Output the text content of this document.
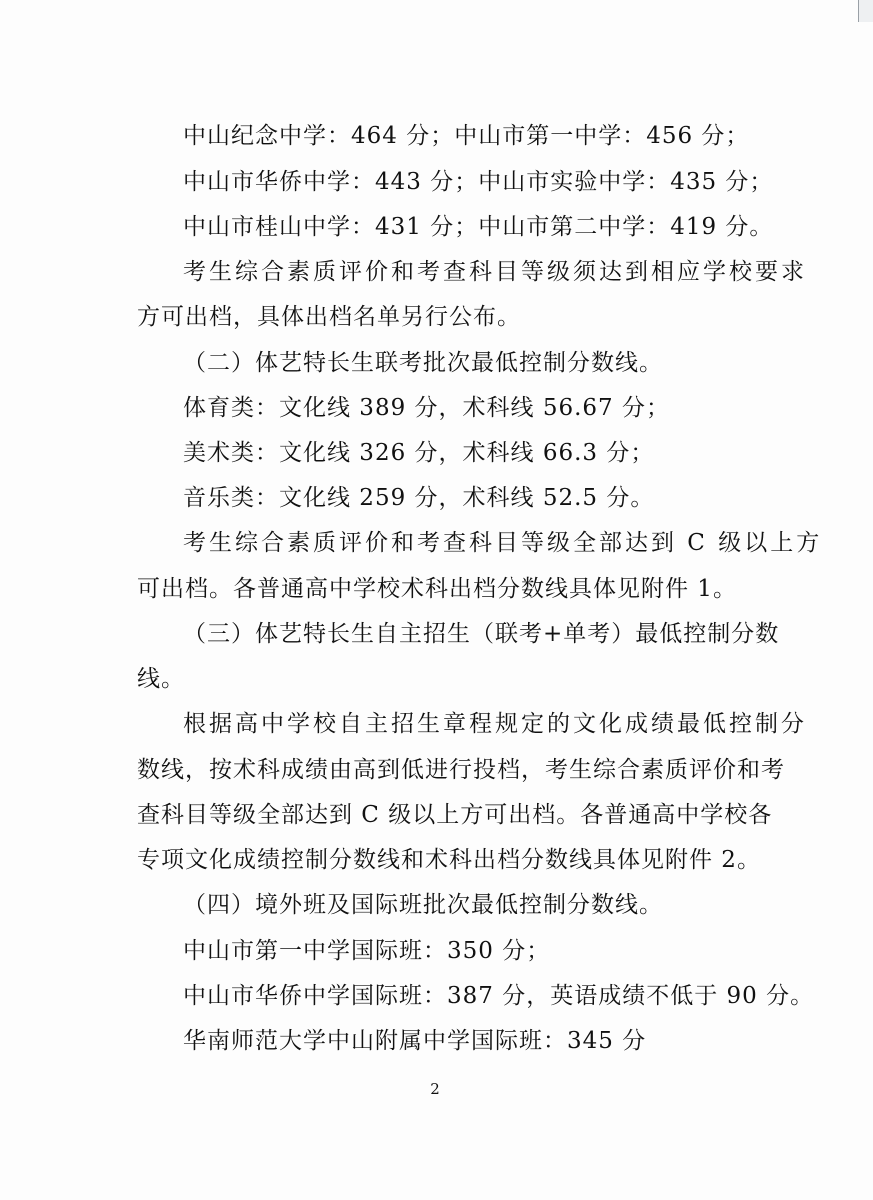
中山纪念中学：464 分；中山市第一中学：456 分；
中山市华侨中学：443 分；中山市实验中学：435 分；
中山市桂山中学：431 分；中山市第二中学：419 分。
考生综合素质评价和考查科目等级须达到相应学校要求
方可出档，具体出档名单另行公布。
（二）体艺特长生联考批次最低控制分数线。
体育类：文化线 389 分，术科线 56.67 分；
美术类：文化线 326 分，术科线 66.3 分；
音乐类：文化线 259 分，术科线 52.5 分。
考生综合素质评价和考查科目等级全部达到 C 级以上方
可出档。各普通高中学校术科出档分数线具体见附件 1。
（三）体艺特长生自主招生（联考+单考）最低控制分数
线。
根据高中学校自主招生章程规定的文化成绩最低控制分
数线，按术科成绩由高到低进行投档，考生综合素质评价和考
查科目等级全部达到 C 级以上方可出档。各普通高中学校各
专项文化成绩控制分数线和术科出档分数线具体见附件 2。
（四）境外班及国际班批次最低控制分数线。
中山市第一中学国际班：350 分；
中山市华侨中学国际班：387 分，英语成绩不低于 90 分。
华南师范大学中山附属中学国际班：345 分
2
